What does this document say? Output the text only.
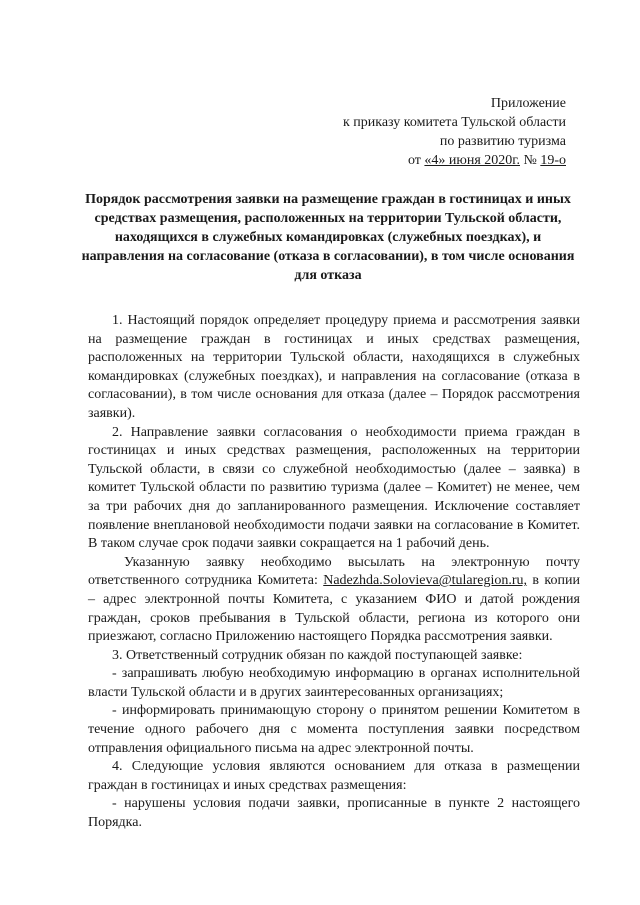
Приложение
к приказу комитета Тульской области
по развитию туризма
от «4» июня 2020г. № 19-о
Порядок рассмотрения заявки на размещение граждан в гостиницах и иных средствах размещения, расположенных на территории Тульской области, находящихся в служебных командировках (служебных поездках), и направления на согласование (отказа в согласовании), в том числе основания для отказа

1. Настоящий порядок определяет процедуру приема и рассмотрения заявки на размещение граждан в гостиницах и иных средствах размещения, расположенных на территории Тульской области, находящихся в служебных командировках (служебных поездках), и направления на согласование (отказа в согласовании), в том числе основания для отказа (далее – Порядок рассмотрения заявки).

2. Направление заявки согласования о необходимости приема граждан в гостиницах и иных средствах размещения, расположенных на территории Тульской области, в связи со служебной необходимостью (далее – заявка) в комитет Тульской области по развитию туризма (далее – Комитет) не менее, чем за три рабочих дня до запланированного размещения. Исключение составляет появление внеплановой необходимости подачи заявки на согласование в Комитет. В таком случае срок подачи заявки сокращается на 1 рабочий день.

Указанную заявку необходимо высылать на электронную почту ответственного сотрудника Комитета: Nadezhda.Solovieva@tularegion.ru, в копии – адрес электронной почты Комитета, с указанием ФИО и датой рождения граждан, сроков пребывания в Тульской области, региона из которого они приезжают, согласно Приложению настоящего Порядка рассмотрения заявки.

3. Ответственный сотрудник обязан по каждой поступающей заявке:

- запрашивать любую необходимую информацию в органах исполнительной власти Тульской области и в других заинтересованных организациях;

- информировать принимающую сторону о принятом решении Комитетом в течение одного рабочего дня с момента поступления заявки посредством отправления официального письма на адрес электронной почты.

4. Следующие условия являются основанием для отказа в размещении граждан в гостиницах и иных средствах размещения:

- нарушены условия подачи заявки, прописанные в пункте 2 настоящего Порядка.
